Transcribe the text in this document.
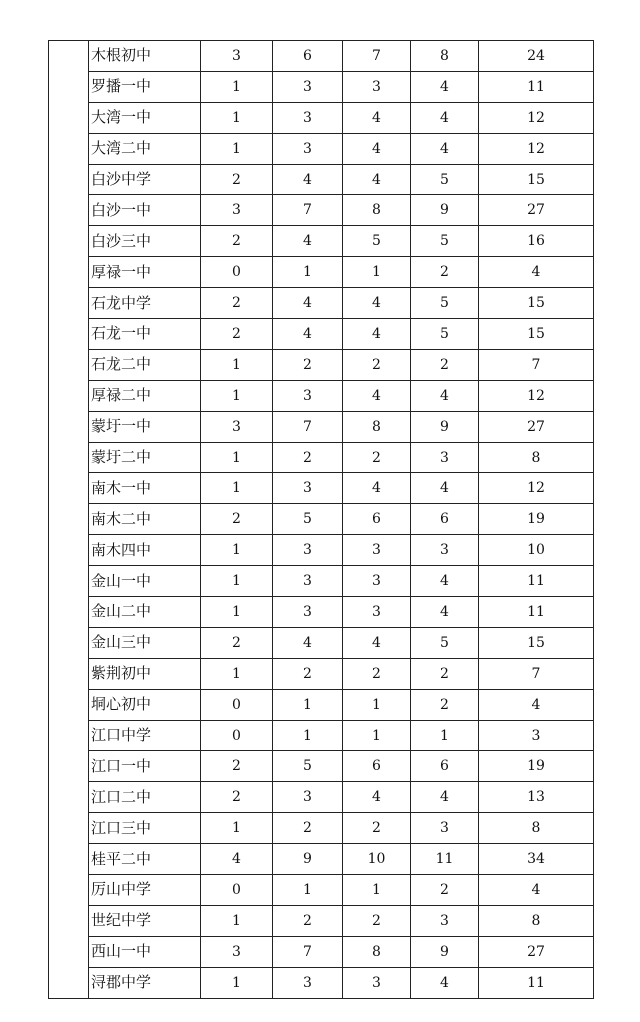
	木根初中	3	6	7	8	24
	罗播一中	1	3	3	4	11
	大湾一中	1	3	4	4	12
	大湾二中	1	3	4	4	12
	白沙中学	2	4	4	5	15
	白沙一中	3	7	8	9	27
	白沙三中	2	4	5	5	16
	厚禄一中	0	1	1	2	4
	石龙中学	2	4	4	5	15
	石龙一中	2	4	4	5	15
	石龙二中	1	2	2	2	7
	厚禄二中	1	3	4	4	12
	蒙圩一中	3	7	8	9	27
	蒙圩二中	1	2	2	3	8
	南木一中	1	3	4	4	12
	南木二中	2	5	6	6	19
	南木四中	1	3	3	3	10
	金山一中	1	3	3	4	11
	金山二中	1	3	3	4	11
	金山三中	2	4	4	5	15
	紫荆初中	1	2	2	2	7
	垌心初中	0	1	1	2	4
	江口中学	0	1	1	1	3
	江口一中	2	5	6	6	19
	江口二中	2	3	4	4	13
	江口三中	1	2	2	3	8
	桂平二中	4	9	10	11	34
	厉山中学	0	1	1	2	4
	世纪中学	1	2	2	3	8
	西山一中	3	7	8	9	27
	浔郡中学	1	3	3	4	11
